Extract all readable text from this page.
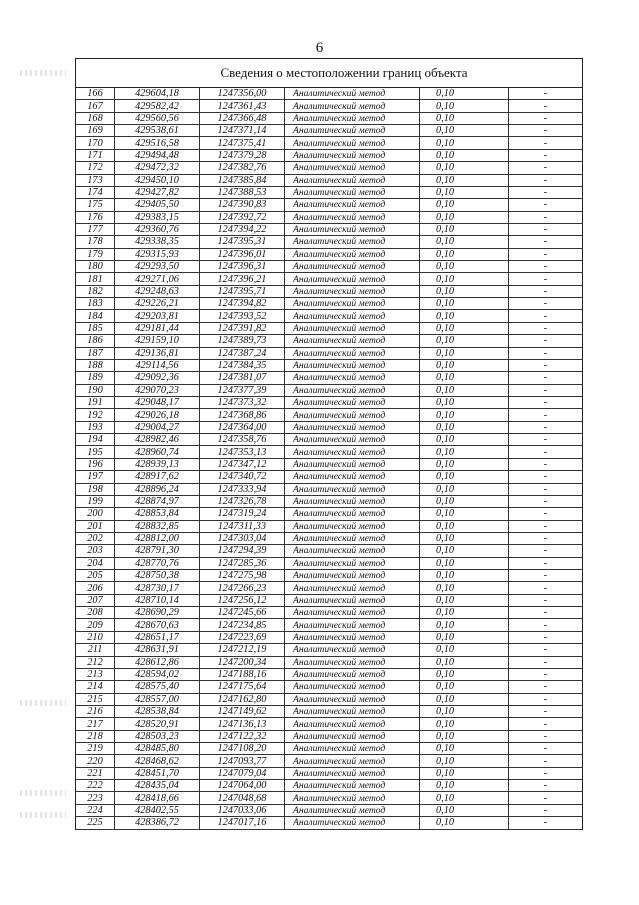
6
Сведения о местоположении границ объекта
166	429604,18	1247356,00	Аналитический метод	0,10	-
167	429582,42	1247361,43	Аналитический метод	0,10	-
168	429560,56	1247366,48	Аналитический метод	0,10	-
169	429538,61	1247371,14	Аналитический метод	0,10	-
170	429516,58	1247375,41	Аналитический метод	0,10	-
171	429494,48	1247379,28	Аналитический метод	0,10	-
172	429472,32	1247382,76	Аналитический метод	0,10	-
173	429450,10	1247385,84	Аналитический метод	0,10	-
174	429427,82	1247388,53	Аналитический метод	0,10	-
175	429405,50	1247390,83	Аналитический метод	0,10	-
176	429383,15	1247392,72	Аналитический метод	0,10	-
177	429360,76	1247394,22	Аналитический метод	0,10	-
178	429338,35	1247395,31	Аналитический метод	0,10	-
179	429315,93	1247396,01	Аналитический метод	0,10	-
180	429293,50	1247396,31	Аналитический метод	0,10	-
181	429271,06	1247396,21	Аналитический метод	0,10	-
182	429248,63	1247395,71	Аналитический метод	0,10	-
183	429226,21	1247394,82	Аналитический метод	0,10	-
184	429203,81	1247393,52	Аналитический метод	0,10	-
185	429181,44	1247391,82	Аналитический метод	0,10	-
186	429159,10	1247389,73	Аналитический метод	0,10	-
187	429136,81	1247387,24	Аналитический метод	0,10	-
188	429114,56	1247384,35	Аналитический метод	0,10	-
189	429092,36	1247381,07	Аналитический метод	0,10	-
190	429070,23	1247377,39	Аналитический метод	0,10	-
191	429048,17	1247373,32	Аналитический метод	0,10	-
192	429026,18	1247368,86	Аналитический метод	0,10	-
193	429004,27	1247364,00	Аналитический метод	0,10	-
194	428982,46	1247358,76	Аналитический метод	0,10	-
195	428960,74	1247353,13	Аналитический метод	0,10	-
196	428939,13	1247347,12	Аналитический метод	0,10	-
197	428917,62	1247340,72	Аналитический метод	0,10	-
198	428896,24	1247333,94	Аналитический метод	0,10	-
199	428874,97	1247326,78	Аналитический метод	0,10	-
200	428853,84	1247319,24	Аналитический метод	0,10	-
201	428832,85	1247311,33	Аналитический метод	0,10	-
202	428812,00	1247303,04	Аналитический метод	0,10	-
203	428791,30	1247294,39	Аналитический метод	0,10	-
204	428770,76	1247285,36	Аналитический метод	0,10	-
205	428750,38	1247275,98	Аналитический метод	0,10	-
206	428730,17	1247266,23	Аналитический метод	0,10	-
207	428710,14	1247256,12	Аналитический метод	0,10	-
208	428690,29	1247245,66	Аналитический метод	0,10	-
209	428670,63	1247234,85	Аналитический метод	0,10	-
210	428651,17	1247223,69	Аналитический метод	0,10	-
211	428631,91	1247212,19	Аналитический метод	0,10	-
212	428612,86	1247200,34	Аналитический метод	0,10	-
213	428594,02	1247188,16	Аналитический метод	0,10	-
214	428575,40	1247175,64	Аналитический метод	0,10	-
215	428557,00	1247162,80	Аналитический метод	0,10	-
216	428538,84	1247149,62	Аналитический метод	0,10	-
217	428520,91	1247136,13	Аналитический метод	0,10	-
218	428503,23	1247122,32	Аналитический метод	0,10	-
219	428485,80	1247108,20	Аналитический метод	0,10	-
220	428468,62	1247093,77	Аналитический метод	0,10	-
221	428451,70	1247079,04	Аналитический метод	0,10	-
222	428435,04	1247064,00	Аналитический метод	0,10	-
223	428418,66	1247048,68	Аналитический метод	0,10	-
224	428402,55	1247033,06	Аналитический метод	0,10	-
225	428386,72	1247017,16	Аналитический метод	0,10	-
